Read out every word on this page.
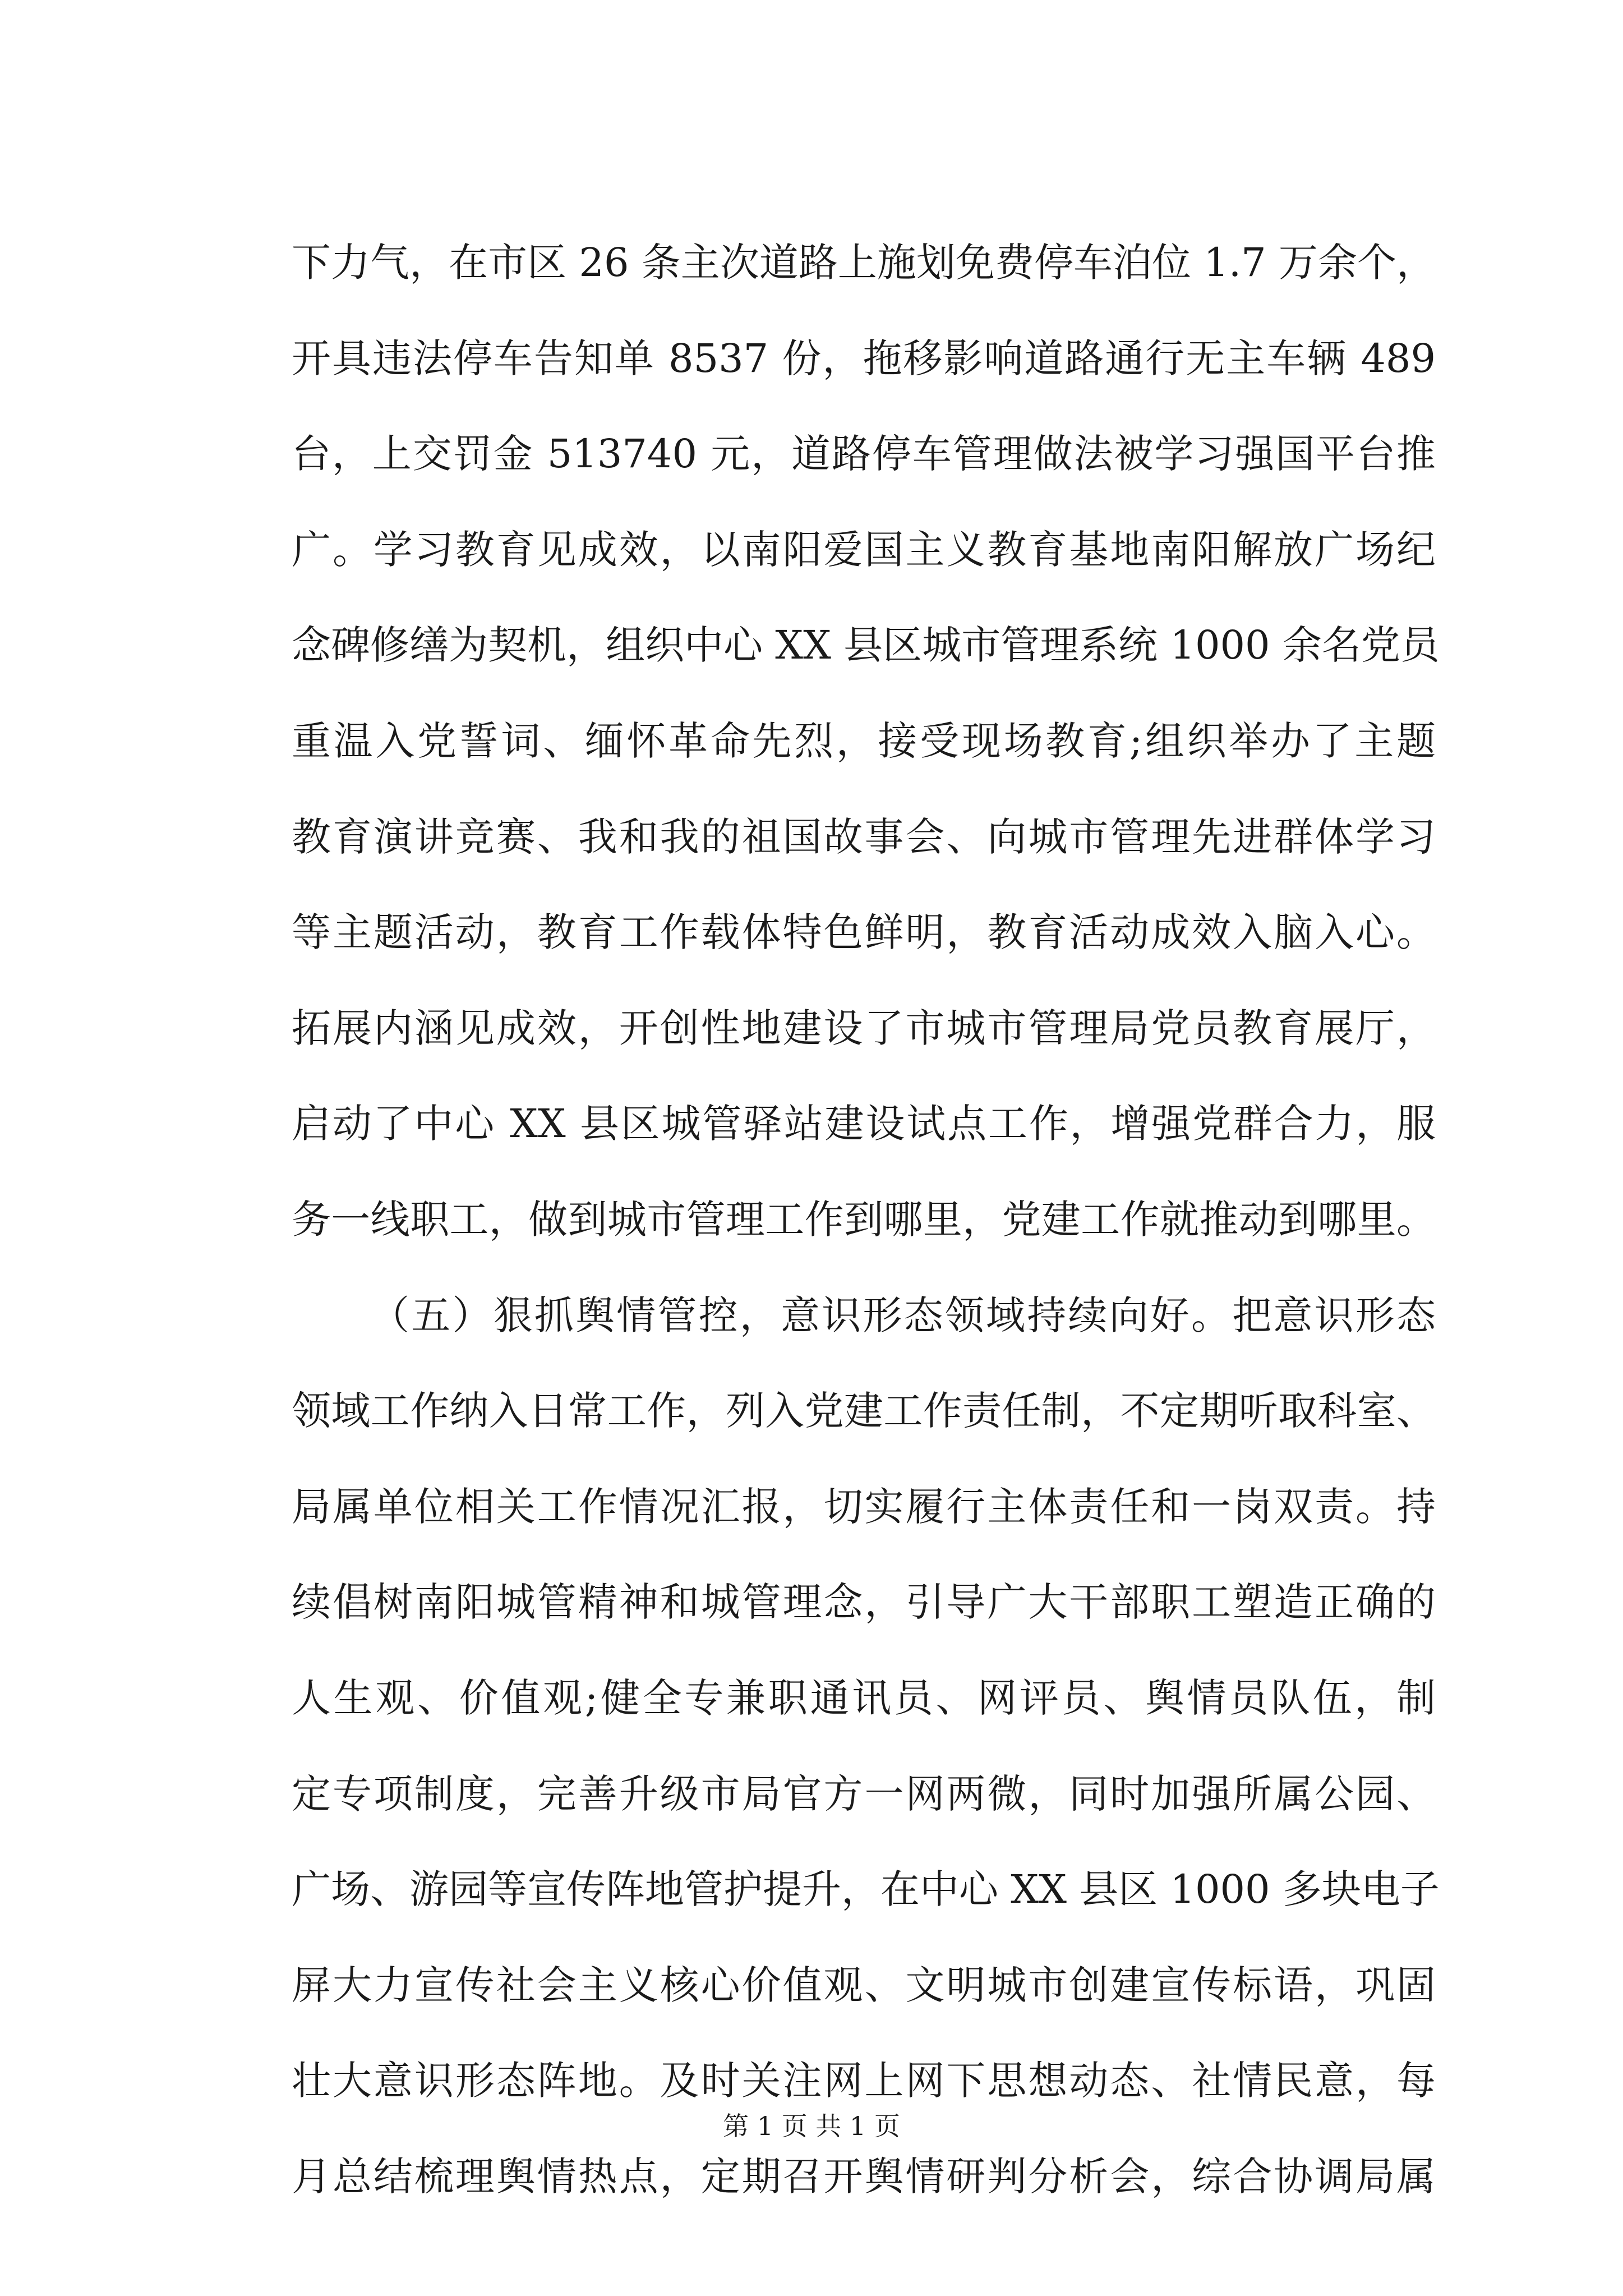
下力气，在市区 26 条主次道路上施划免费停车泊位 1.7 万余个，
开具违法停车告知单 8537 份，拖移影响道路通行无主车辆 489
台，上交罚金 513740 元，道路停车管理做法被学习强国平台推
广。学习教育见成效，以南阳爱国主义教育基地南阳解放广场纪
念碑修缮为契机，组织中心 XX 县区城市管理系统 1000 余名党员
重温入党誓词、缅怀革命先烈，接受现场教育;组织举办了主题
教育演讲竞赛、我和我的祖国故事会、向城市管理先进群体学习
等主题活动，教育工作载体特色鲜明，教育活动成效入脑入心。
拓展内涵见成效，开创性地建设了市城市管理局党员教育展厅，
启动了中心 XX 县区城管驿站建设试点工作，增强党群合力，服
务一线职工，做到城市管理工作到哪里，党建工作就推动到哪里。
（五）狠抓舆情管控，意识形态领域持续向好。把意识形态
领域工作纳入日常工作，列入党建工作责任制，不定期听取科室、
局属单位相关工作情况汇报，切实履行主体责任和一岗双责。持
续倡树南阳城管精神和城管理念，引导广大干部职工塑造正确的
人生观、价值观;健全专兼职通讯员、网评员、舆情员队伍，制
定专项制度，完善升级市局官方一网两微，同时加强所属公园、
广场、游园等宣传阵地管护提升，在中心 XX 县区 1000 多块电子
屏大力宣传社会主义核心价值观、文明城市创建宣传标语，巩固
壮大意识形态阵地。及时关注网上网下思想动态、社情民意，每
月总结梳理舆情热点，定期召开舆情研判分析会，综合协调局属
第 1 页 共 1 页
